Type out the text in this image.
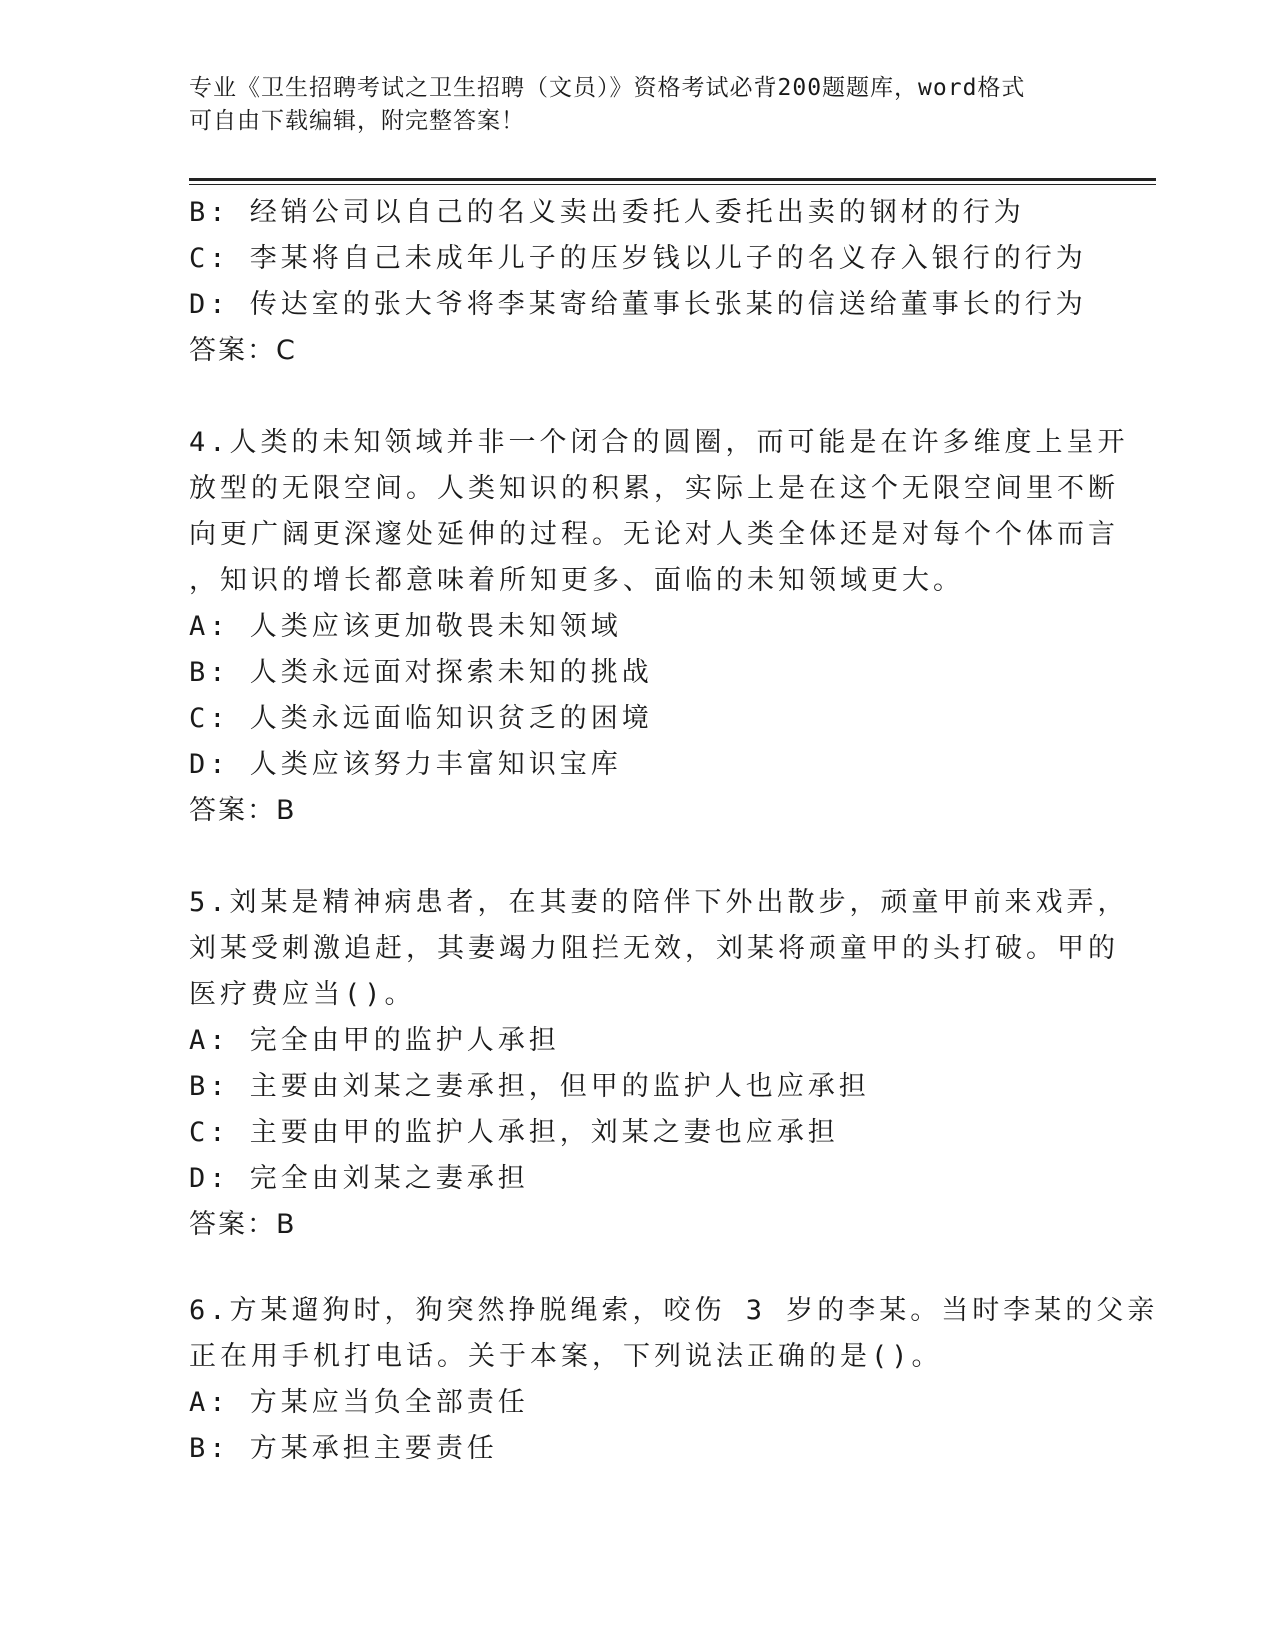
专业《卫生招聘考试之卫生招聘（文员）》资格考试必背200题题库，word格式
可自由下载编辑，附完整答案！
B: 经销公司以自己的名义卖出委托人委托出卖的钢材的行为
C: 李某将自己未成年儿子的压岁钱以儿子的名义存入银行的行为
D: 传达室的张大爷将李某寄给董事长张某的信送给董事长的行为
答案：C
4.人类的未知领域并非一个闭合的圆圈，而可能是在许多维度上呈开
放型的无限空间。人类知识的积累，实际上是在这个无限空间里不断
向更广阔更深邃处延伸的过程。无论对人类全体还是对每个个体而言
，知识的增长都意味着所知更多、面临的未知领域更大。
A: 人类应该更加敬畏未知领域
B: 人类永远面对探索未知的挑战
C: 人类永远面临知识贫乏的困境
D: 人类应该努力丰富知识宝库
答案：B
5.刘某是精神病患者，在其妻的陪伴下外出散步，顽童甲前来戏弄，
刘某受刺激追赶，其妻竭力阻拦无效，刘某将顽童甲的头打破。甲的
医疗费应当()。
A: 完全由甲的监护人承担
B: 主要由刘某之妻承担，但甲的监护人也应承担
C: 主要由甲的监护人承担，刘某之妻也应承担
D: 完全由刘某之妻承担
答案：B
6.方某遛狗时，狗突然挣脱绳索，咬伤 3 岁的李某。当时李某的父亲
正在用手机打电话。关于本案，下列说法正确的是()。
A: 方某应当负全部责任
B: 方某承担主要责任
